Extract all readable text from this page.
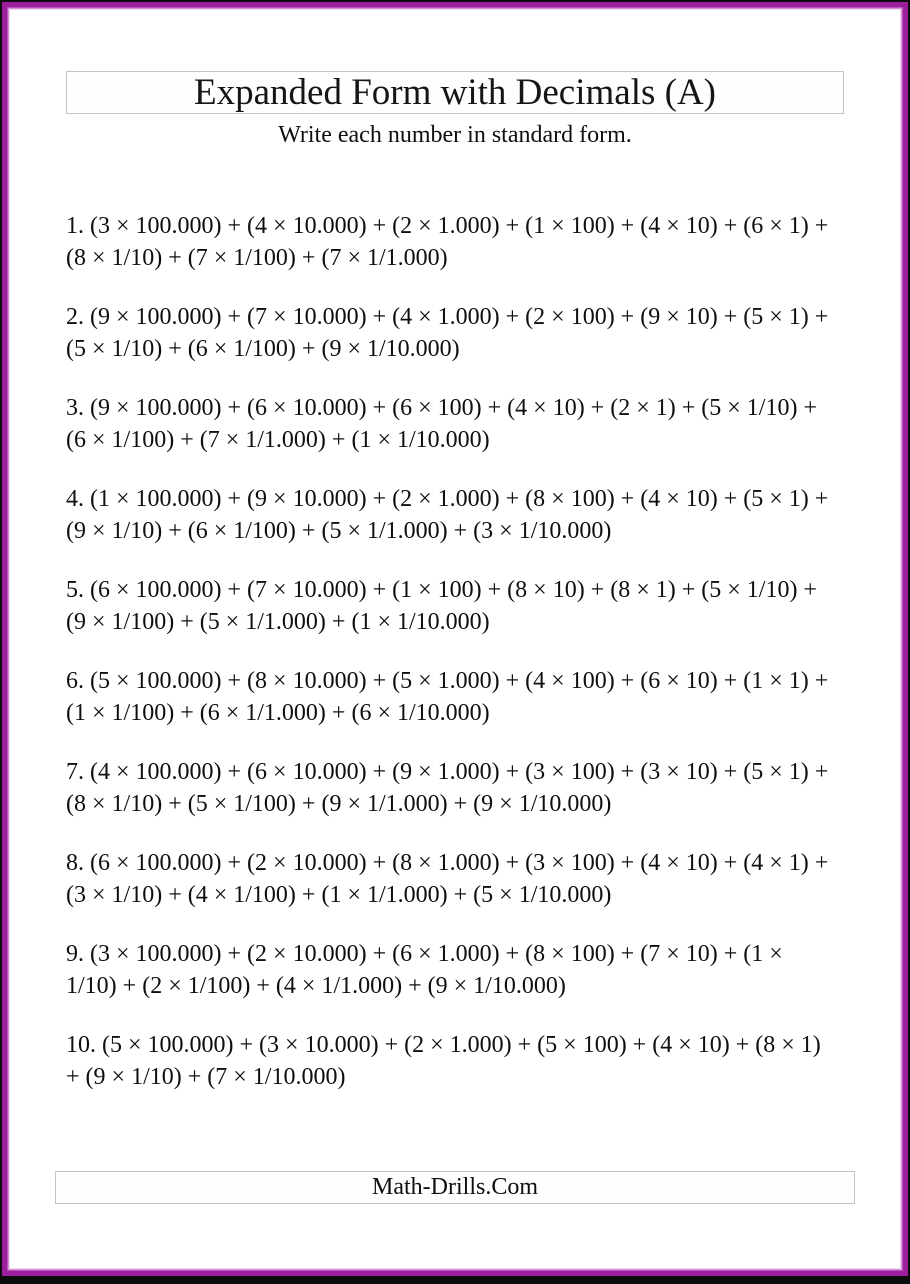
Expanded Form with Decimals (A)
Write each number in standard form.
1. (3 × 100.000) + (4 × 10.000) + (2 × 1.000) + (1 × 100) + (4 × 10) + (6 × 1) +
(8 × 1/10) + (7 × 1/100) + (7 × 1/1.000)
2. (9 × 100.000) + (7 × 10.000) + (4 × 1.000) + (2 × 100) + (9 × 10) + (5 × 1) +
(5 × 1/10) + (6 × 1/100) + (9 × 1/10.000)
3. (9 × 100.000) + (6 × 10.000) + (6 × 100) + (4 × 10) + (2 × 1) + (5 × 1/10) +
(6 × 1/100) + (7 × 1/1.000) + (1 × 1/10.000)
4. (1 × 100.000) + (9 × 10.000) + (2 × 1.000) + (8 × 100) + (4 × 10) + (5 × 1) +
(9 × 1/10) + (6 × 1/100) + (5 × 1/1.000) + (3 × 1/10.000)
5. (6 × 100.000) + (7 × 10.000) + (1 × 100) + (8 × 10) + (8 × 1) + (5 × 1/10) +
(9 × 1/100) + (5 × 1/1.000) + (1 × 1/10.000)
6. (5 × 100.000) + (8 × 10.000) + (5 × 1.000) + (4 × 100) + (6 × 10) + (1 × 1) +
(1 × 1/100) + (6 × 1/1.000) + (6 × 1/10.000)
7. (4 × 100.000) + (6 × 10.000) + (9 × 1.000) + (3 × 100) + (3 × 10) + (5 × 1) +
(8 × 1/10) + (5 × 1/100) + (9 × 1/1.000) + (9 × 1/10.000)
8. (6 × 100.000) + (2 × 10.000) + (8 × 1.000) + (3 × 100) + (4 × 10) + (4 × 1) +
(3 × 1/10) + (4 × 1/100) + (1 × 1/1.000) + (5 × 1/10.000)
9. (3 × 100.000) + (2 × 10.000) + (6 × 1.000) + (8 × 100) + (7 × 10) + (1 ×
1/10) + (2 × 1/100) + (4 × 1/1.000) + (9 × 1/10.000)
10. (5 × 100.000) + (3 × 10.000) + (2 × 1.000) + (5 × 100) + (4 × 10) + (8 × 1)
+ (9 × 1/10) + (7 × 1/10.000)
Math-Drills.Com
